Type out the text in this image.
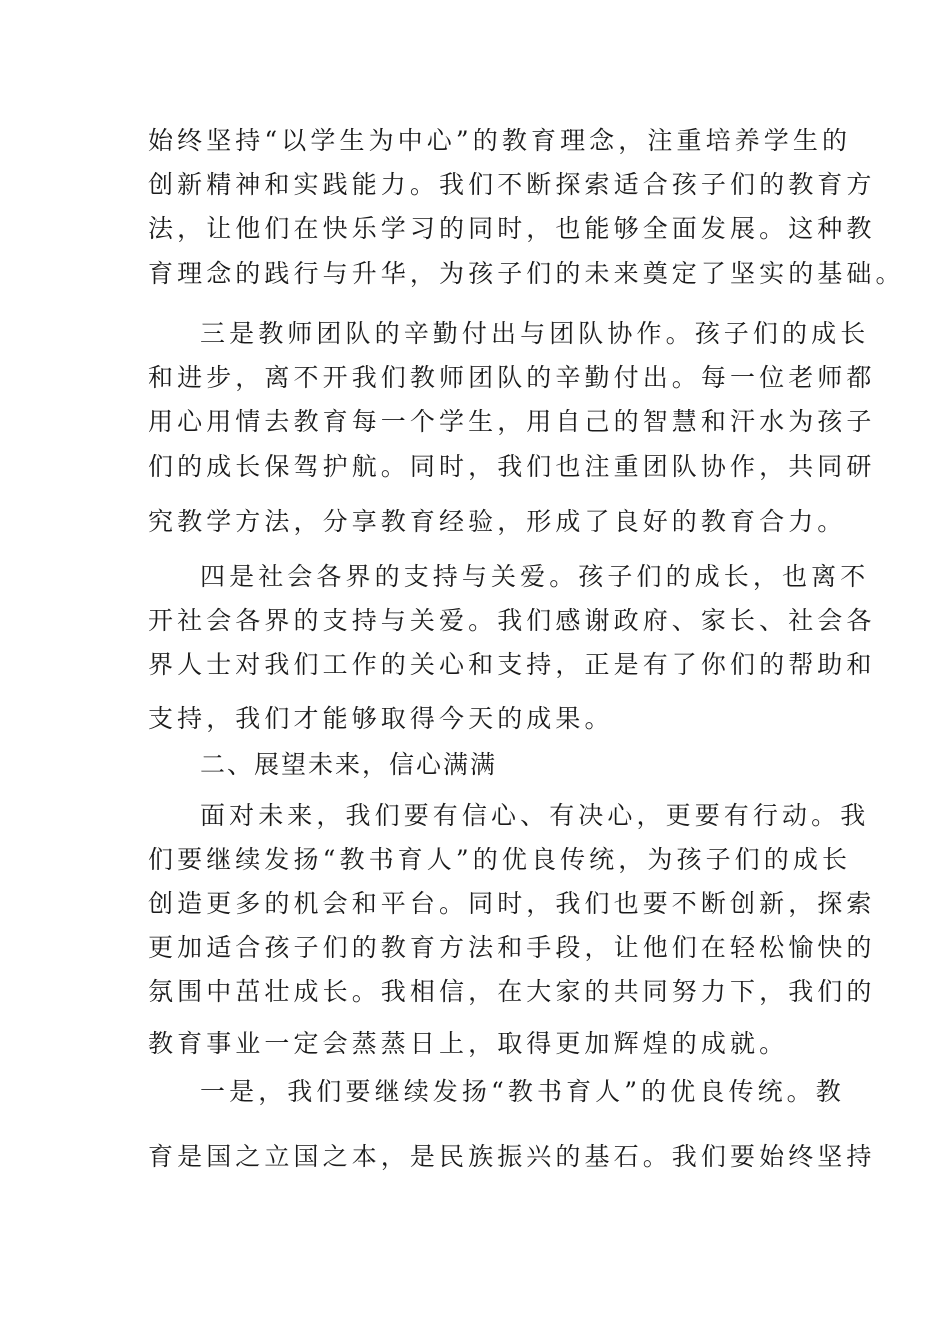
始终坚持“以学生为中心”的教育理念，注重培养学生的
创新精神和实践能力。我们不断探索适合孩子们的教育方
法，让他们在快乐学习的同时，也能够全面发展。这种教
育理念的践行与升华，为孩子们的未来奠定了坚实的基础。
三是教师团队的辛勤付出与团队协作。孩子们的成长
和进步，离不开我们教师团队的辛勤付出。每一位老师都
用心用情去教育每一个学生，用自己的智慧和汗水为孩子
们的成长保驾护航。同时，我们也注重团队协作，共同研
究教学方法，分享教育经验，形成了良好的教育合力。
四是社会各界的支持与关爱。孩子们的成长，也离不
开社会各界的支持与关爱。我们感谢政府、家长、社会各
界人士对我们工作的关心和支持，正是有了你们的帮助和
支持，我们才能够取得今天的成果。
二、展望未来，信心满满
面对未来，我们要有信心、有决心，更要有行动。我
们要继续发扬“教书育人”的优良传统，为孩子们的成长
创造更多的机会和平台。同时，我们也要不断创新，探索
更加适合孩子们的教育方法和手段，让他们在轻松愉快的
氛围中茁壮成长。我相信，在大家的共同努力下，我们的
教育事业一定会蒸蒸日上，取得更加辉煌的成就。
一是，我们要继续发扬“教书育人”的优良传统。教
育是国之立国之本，是民族振兴的基石。我们要始终坚持
